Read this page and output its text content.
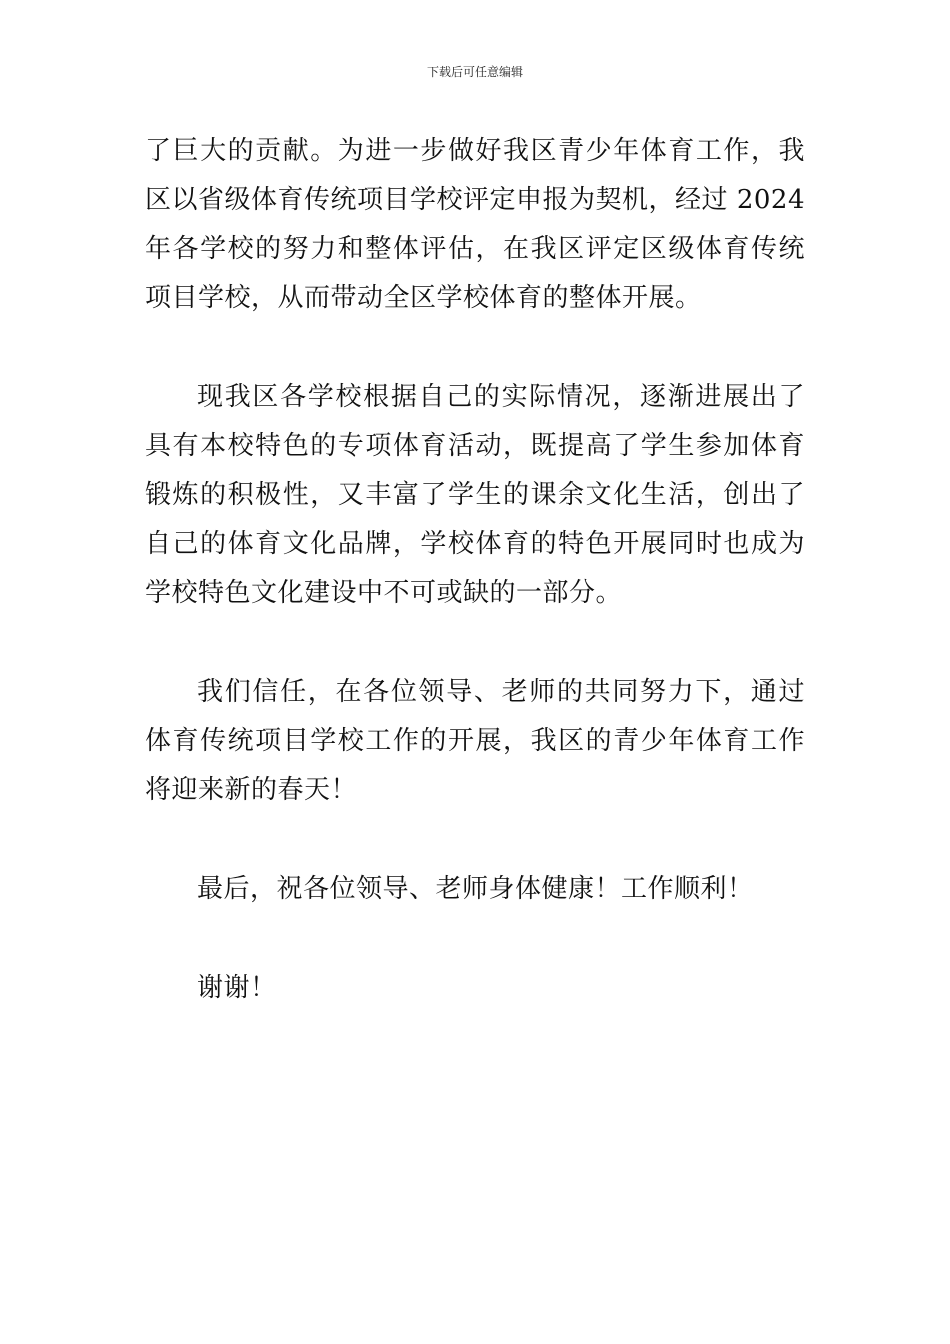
下载后可任意编辑

了巨大的贡献。为进一步做好我区青少年体育工作，我区以省级体育传统项目学校评定申报为契机，经过 2024 年各学校的努力和整体评估，在我区评定区级体育传统项目学校，从而带动全区学校体育的整体开展。

现我区各学校根据自己的实际情况，逐渐进展出了具有本校特色的专项体育活动，既提高了学生参加体育锻炼的积极性，又丰富了学生的课余文化生活，创出了自己的体育文化品牌，学校体育的特色开展同时也成为学校特色文化建设中不可或缺的一部分。

我们信任，在各位领导、老师的共同努力下，通过体育传统项目学校工作的开展，我区的青少年体育工作将迎来新的春天！

最后，祝各位领导、老师身体健康！工作顺利！

谢谢！
